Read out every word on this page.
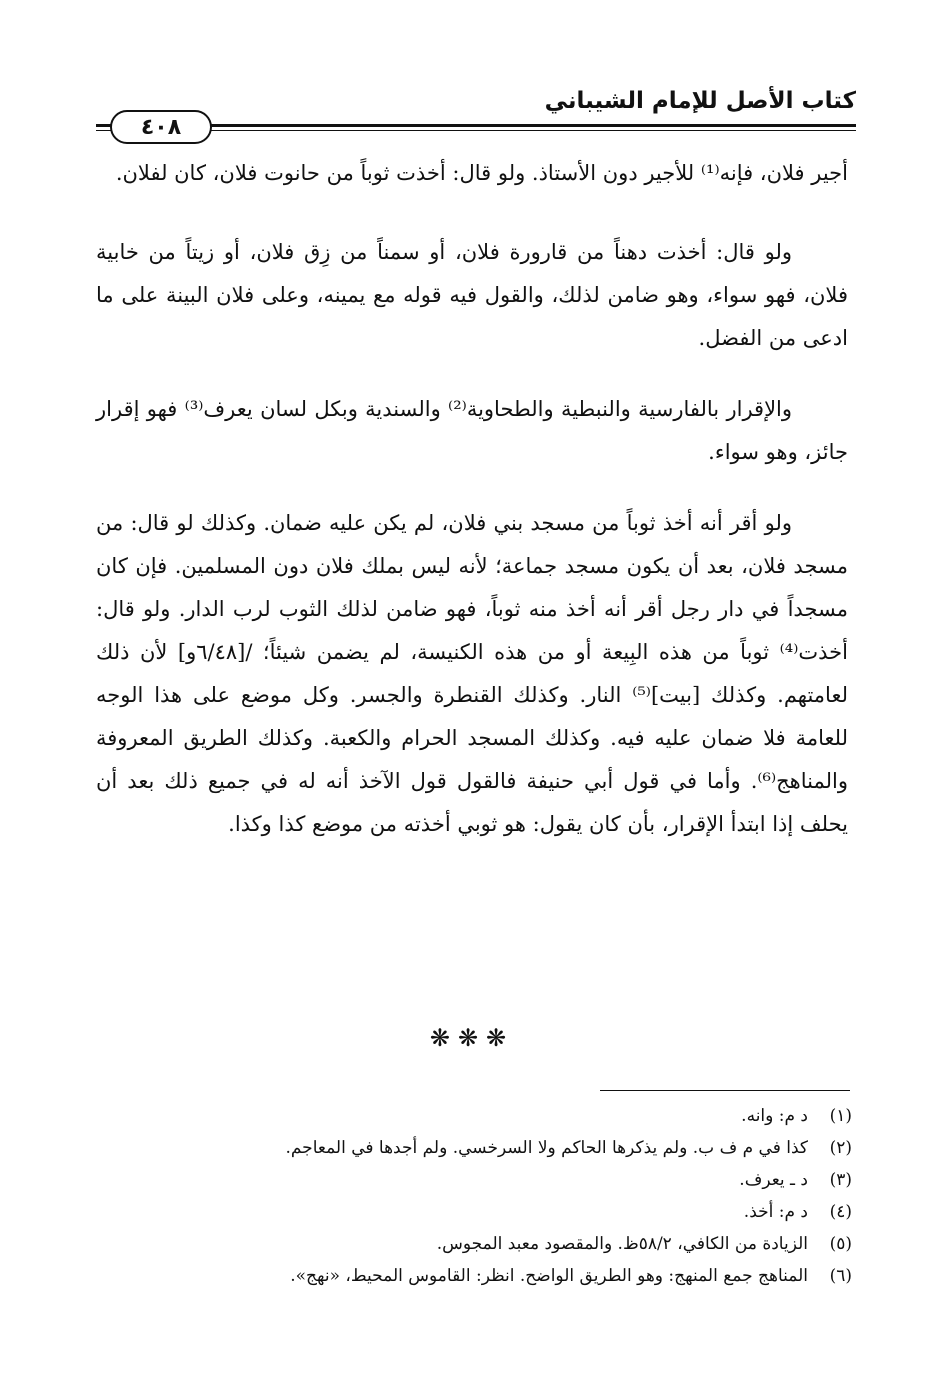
كتاب الأصل للإمام الشيباني
٤٠٨

أجير فلان، فإنه⁽¹⁾ للأجير دون الأستاذ. ولو قال: أخذت ثوباً من حانوت فلان، كان لفلان.

ولو قال: أخذت دهناً من قارورة فلان، أو سمناً من زِق فلان، أو زيتاً من خابية فلان، فهو سواء، وهو ضامن لذلك، والقول فيه قوله مع يمينه، وعلى فلان البينة على ما ادعى من الفضل.

والإقرار بالفارسية والنبطية والطحاوية⁽²⁾ والسندية وبكل لسان يعرف⁽³⁾ فهو إقرار جائز، وهو سواء.

ولو أقر أنه أخذ ثوباً من مسجد بني فلان، لم يكن عليه ضمان. وكذلك لو قال: من مسجد فلان، بعد أن يكون مسجد جماعة؛ لأنه ليس بملك فلان دون المسلمين. فإن كان مسجداً في دار رجل أقر أنه أخذ منه ثوباً، فهو ضامن لذلك الثوب لرب الدار. ولو قال: أخذت⁽⁴⁾ ثوباً من هذه البِيعة أو من هذه الكنيسة، لم يضمن شيئاً؛ /[٦/٤٨و] لأن ذلك لعامتهم. وكذلك [بيت]⁽⁵⁾ النار. وكذلك القنطرة والجسر. وكل موضع على هذا الوجه للعامة فلا ضمان عليه فيه. وكذلك المسجد الحرام والكعبة. وكذلك الطريق المعروفة والمناهج⁽⁶⁾. وأما في قول أبي حنيفة فالقول قول الآخذ أنه له في جميع ذلك بعد أن يحلف إذا ابتدأ الإقرار، بأن كان يقول: هو ثوبي أخذته من موضع كذا وكذا.

❋❋❋
(١)
د م: وانه.
(٢)
كذا في م ف ب. ولم يذكرها الحاكم ولا السرخسي. ولم أجدها في المعاجم.
(٣)
د ـ يعرف.
(٤)
د م: أخذ.
(٥)
الزيادة من الكافي، ٥٨/٢ظ. والمقصود معبد المجوس.
(٦)
المناهج جمع المنهج: وهو الطريق الواضح. انظر: القاموس المحيط، «نهج».
